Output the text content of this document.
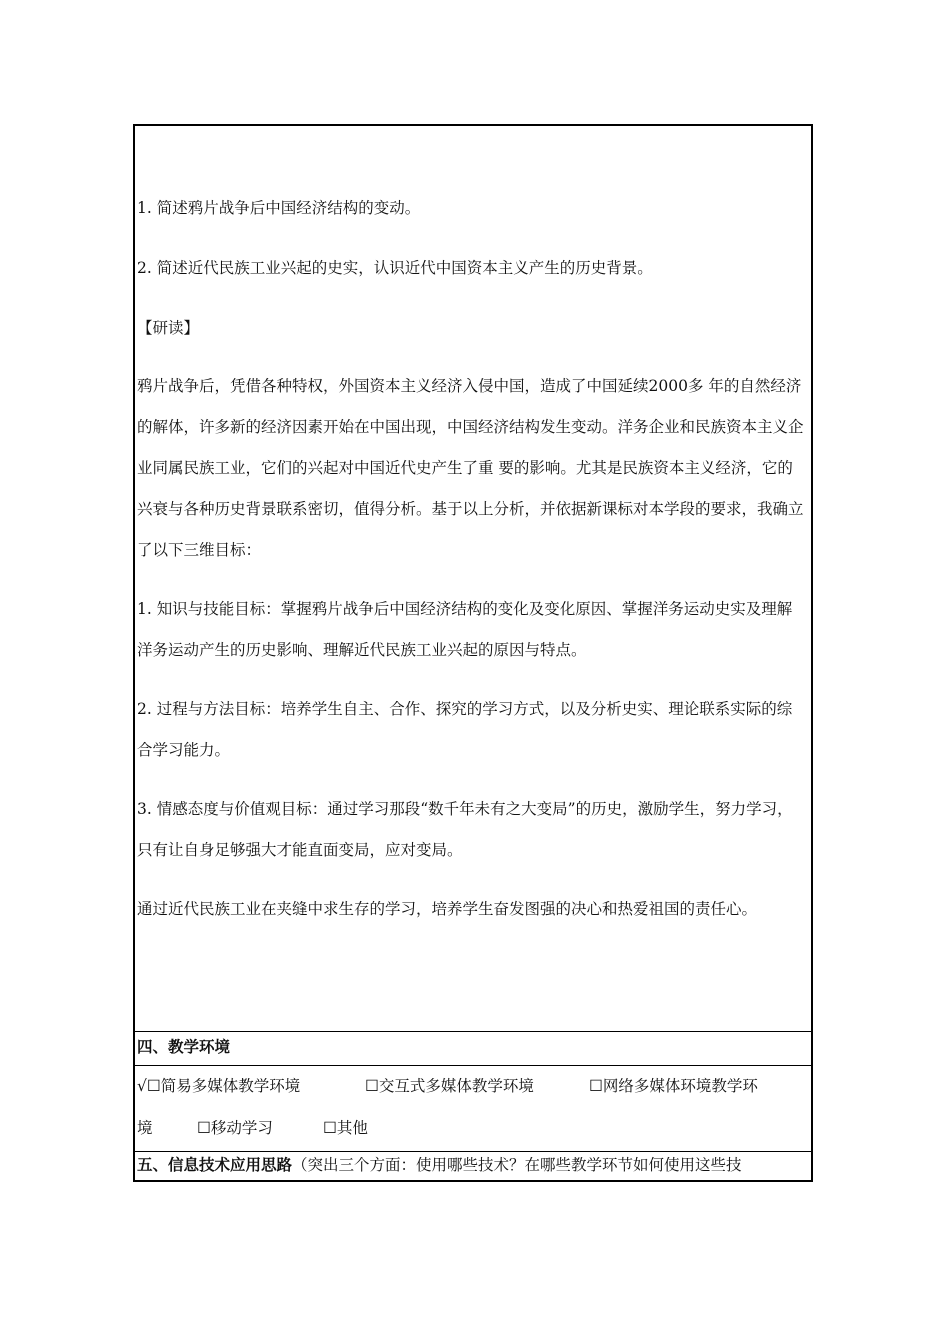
1. 简述鸦片战争后中国经济结构的变动。

2. 简述近代民族工业兴起的史实，认识近代中国资本主义产生的历史背景。

【研读】

鸦片战争后，凭借各种特权，外国资本主义经济入侵中国，造成了中国延续2000多 年的自然经济的解体，许多新的经济因素开始在中国出现，中国经济结构发生变动。洋务企业和民族资本主义企业同属民族工业，它们的兴起对中国近代史产生了重 要的影响。尤其是民族资本主义经济，它的兴衰与各种历史背景联系密切，值得分析。基于以上分析，并依据新课标对本学段的要求，我确立了以下三维目标：

1. 知识与技能目标：掌握鸦片战争后中国经济结构的变化及变化原因、掌握洋务运动史实及理解洋务运动产生的历史影响、理解近代民族工业兴起的原因与特点。

2. 过程与方法目标：培养学生自主、合作、探究的学习方式，以及分析史实、理论联系实际的综合学习能力。

3. 情感态度与价值观目标：通过学习那段“数千年未有之大变局”的历史，激励学生，努力学习，只有让自身足够强大才能直面变局，应对变局。

通过近代民族工业在夹缝中求生存的学习，培养学生奋发图强的决心和热爱祖国的责任心。

四、教学环境
√☐简易多媒体教学环境	☐交互式多媒体教学环境	☐网络多媒体环境教学环
境	☐移动学习	☐其他
五、信息技术应用思路（突出三个方面：使用哪些技术？在哪些教学环节如何使用这些技
